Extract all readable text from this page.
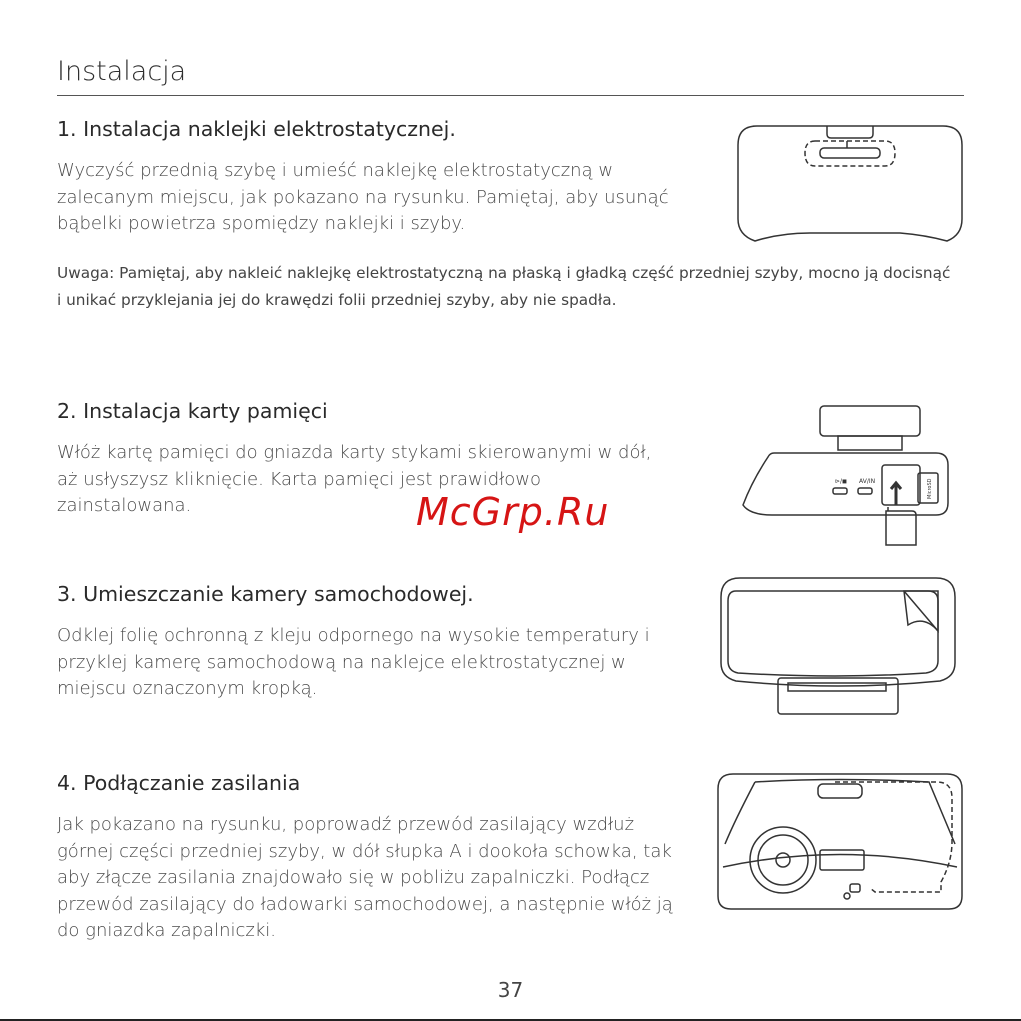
Instalacja
1. Instalacja naklejki elektrostatycznej.

Wyczyść przednią szybę i umieść naklejkę elektrostatyczną w zalecanym miejscu, jak pokazano na rysunku. Pamiętaj, aby usunąć bąbelki powietrza spomiędzy naklejki i szyby.

Uwaga: Pamiętaj, aby nakleić naklejkę elektrostatyczną na płaską i gładką część przedniej szyby, mocno ją docisnąć i unikać przyklejania jej do krawędzi folii przedniej szyby, aby nie spadła.

2. Instalacja karty pamięci

Włóż kartę pamięci do gniazda karty stykami skierowanymi w dół, aż usłyszysz kliknięcie. Karta pamięci jest prawidłowo zainstalowana.

3. Umieszczanie kamery samochodowej.

Odklej folię ochronną z kleju odpornego na wysokie temperatury i przyklej kamerę samochodową na naklejce elektrostatycznej w miejscu oznaczonym kropką.

4. Podłączanie zasilania

Jak pokazano na rysunku, poprowadź przewód zasilający wzdłuż górnej części przedniej szyby, w dół słupka A i dookoła schowka, tak aby złącze zasilania znajdowało się w pobliżu zapalniczki. Podłącz przewód zasilający do ładowarki samochodowej, a następnie włóż ją do gniazdka zapalniczki.

McGrp.Ru
⊳/◼ AV/IN	MicroSD
37
